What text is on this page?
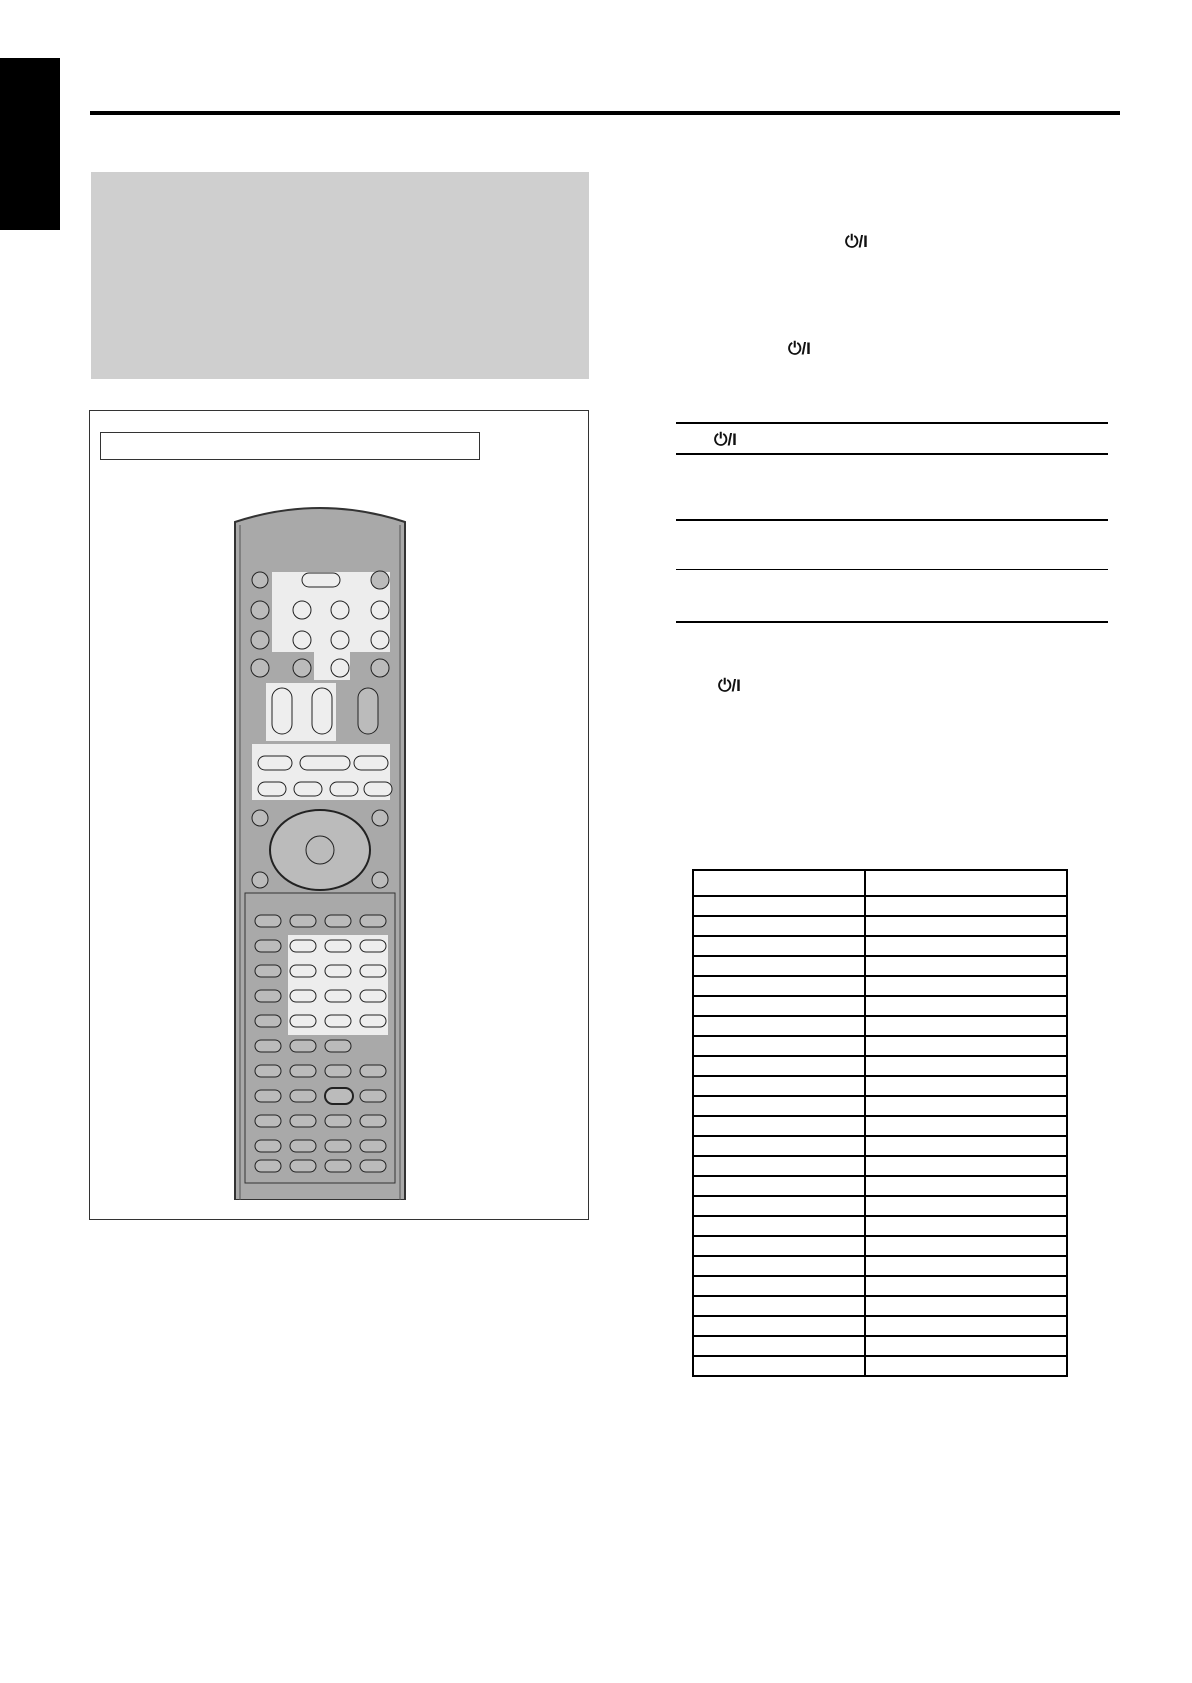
⏻/I
⏻/I
⏻/I
⏻/I
